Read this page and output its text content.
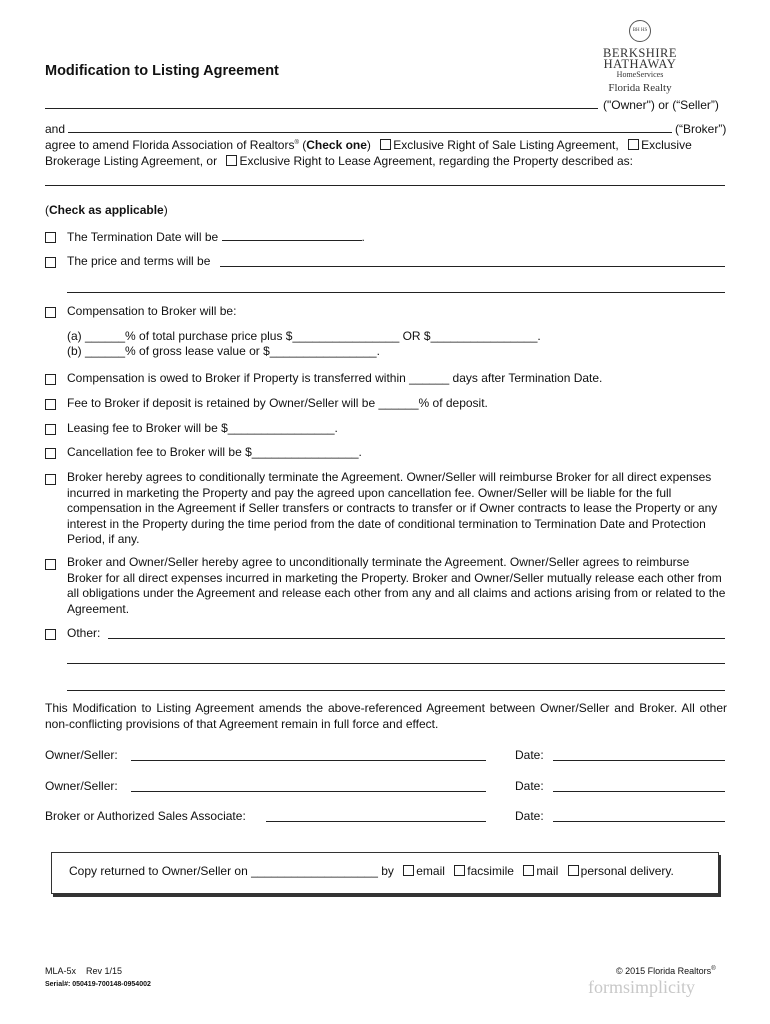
Modification to Listing Agreement
BH HS
BERKSHIRE
HATHAWAY
HomeServices
Florida Realty
("Owner") or (“Seller”)
and	(“Broker”)
agree to amend Florida Association of Realtors® (Check one) Exclusive Right of Sale Listing Agreement, Exclusive
Brokerage Listing Agreement, or Exclusive Right to Lease Agreement, regarding the Property described as:
(Check as applicable)
The Termination Date will be	.
The price and terms will be
Compensation to Broker will be:
(a) ______% of total purchase price plus $________________ OR $________________.
(b) ______% of gross lease value or $________________.
Compensation is owed to Broker if Property is transferred within ______ days after Termination Date.
Fee to Broker if deposit is retained by Owner/Seller will be ______% of deposit.
Leasing fee to Broker will be $________________.
Cancellation fee to Broker will be $________________.
Broker hereby agrees to conditionally terminate the Agreement. Owner/Seller will reimburse Broker for all direct expenses incurred in marketing the Property and pay the agreed upon cancellation fee. Owner/Seller will be liable for the full compensation in the Agreement if Seller transfers or contracts to transfer or if Owner contracts to lease the Property or any interest in the Property during the time period from the date of conditional termination to Termination Date and Protection Period, if any.
Broker and Owner/Seller hereby agree to unconditionally terminate the Agreement. Owner/Seller agrees to reimburse Broker for all direct expenses incurred in marketing the Property. Broker and Owner/Seller mutually release each other from all obligations under the Agreement and release each other from any and all claims and actions arising from or related to the Agreement.
Other:
This Modification to Listing Agreement amends the above-referenced Agreement between Owner/Seller and Broker. All other non-conflicting provisions of that Agreement remain in full force and effect.
Owner/Seller:	Date:
Owner/Seller:	Date:
Broker or Authorized Sales Associate:	Date:
Copy returned to Owner/Seller on ___________________ by email facsimile mail personal delivery.
MLA-5x    Rev 1/15
Serial#: 050419-700148-0954002
© 2015 Florida Realtors®
formsimplicity
